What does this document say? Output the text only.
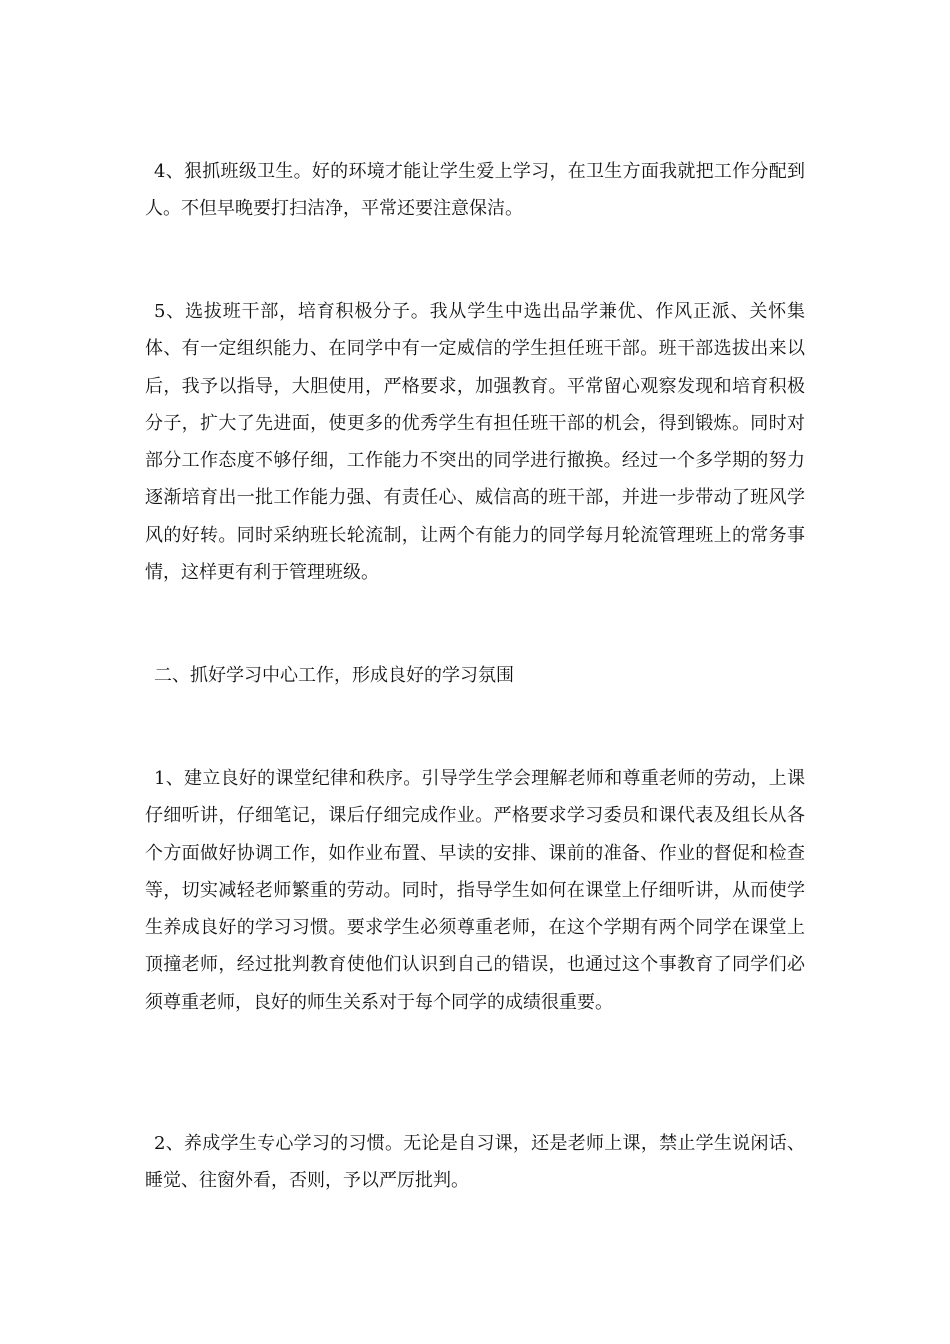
4、狠抓班级卫生。好的环境才能让学生爱上学习，在卫生方面我就把工作分配到人。不但早晚要打扫洁净，平常还要注意保洁。

5、选拔班干部，培育积极分子。我从学生中选出品学兼优、作风正派、关怀集体、有一定组织能力、在同学中有一定威信的学生担任班干部。班干部选拔出来以后，我予以指导，大胆使用，严格要求，加强教育。平常留心观察发现和培育积极分子，扩大了先进面，使更多的优秀学生有担任班干部的机会，得到锻炼。同时对部分工作态度不够仔细，工作能力不突出的同学进行撤换。经过一个多学期的努力逐渐培育出一批工作能力强、有责任心、威信高的班干部，并进一步带动了班风学风的好转。同时采纳班长轮流制，让两个有能力的同学每月轮流管理班上的常务事情，这样更有利于管理班级。

二、抓好学习中心工作，形成良好的学习氛围

1、建立良好的课堂纪律和秩序。引导学生学会理解老师和尊重老师的劳动，上课仔细听讲，仔细笔记，课后仔细完成作业。严格要求学习委员和课代表及组长从各个方面做好协调工作，如作业布置、早读的安排、课前的准备、作业的督促和检查等，切实减轻老师繁重的劳动。同时，指导学生如何在课堂上仔细听讲，从而使学生养成良好的学习习惯。要求学生必须尊重老师，在这个学期有两个同学在课堂上顶撞老师，经过批判教育使他们认识到自己的错误，也通过这个事教育了同学们必须尊重老师，良好的师生关系对于每个同学的成绩很重要。

2、养成学生专心学习的习惯。无论是自习课，还是老师上课，禁止学生说闲话、睡觉、往窗外看，否则，予以严厉批判。
